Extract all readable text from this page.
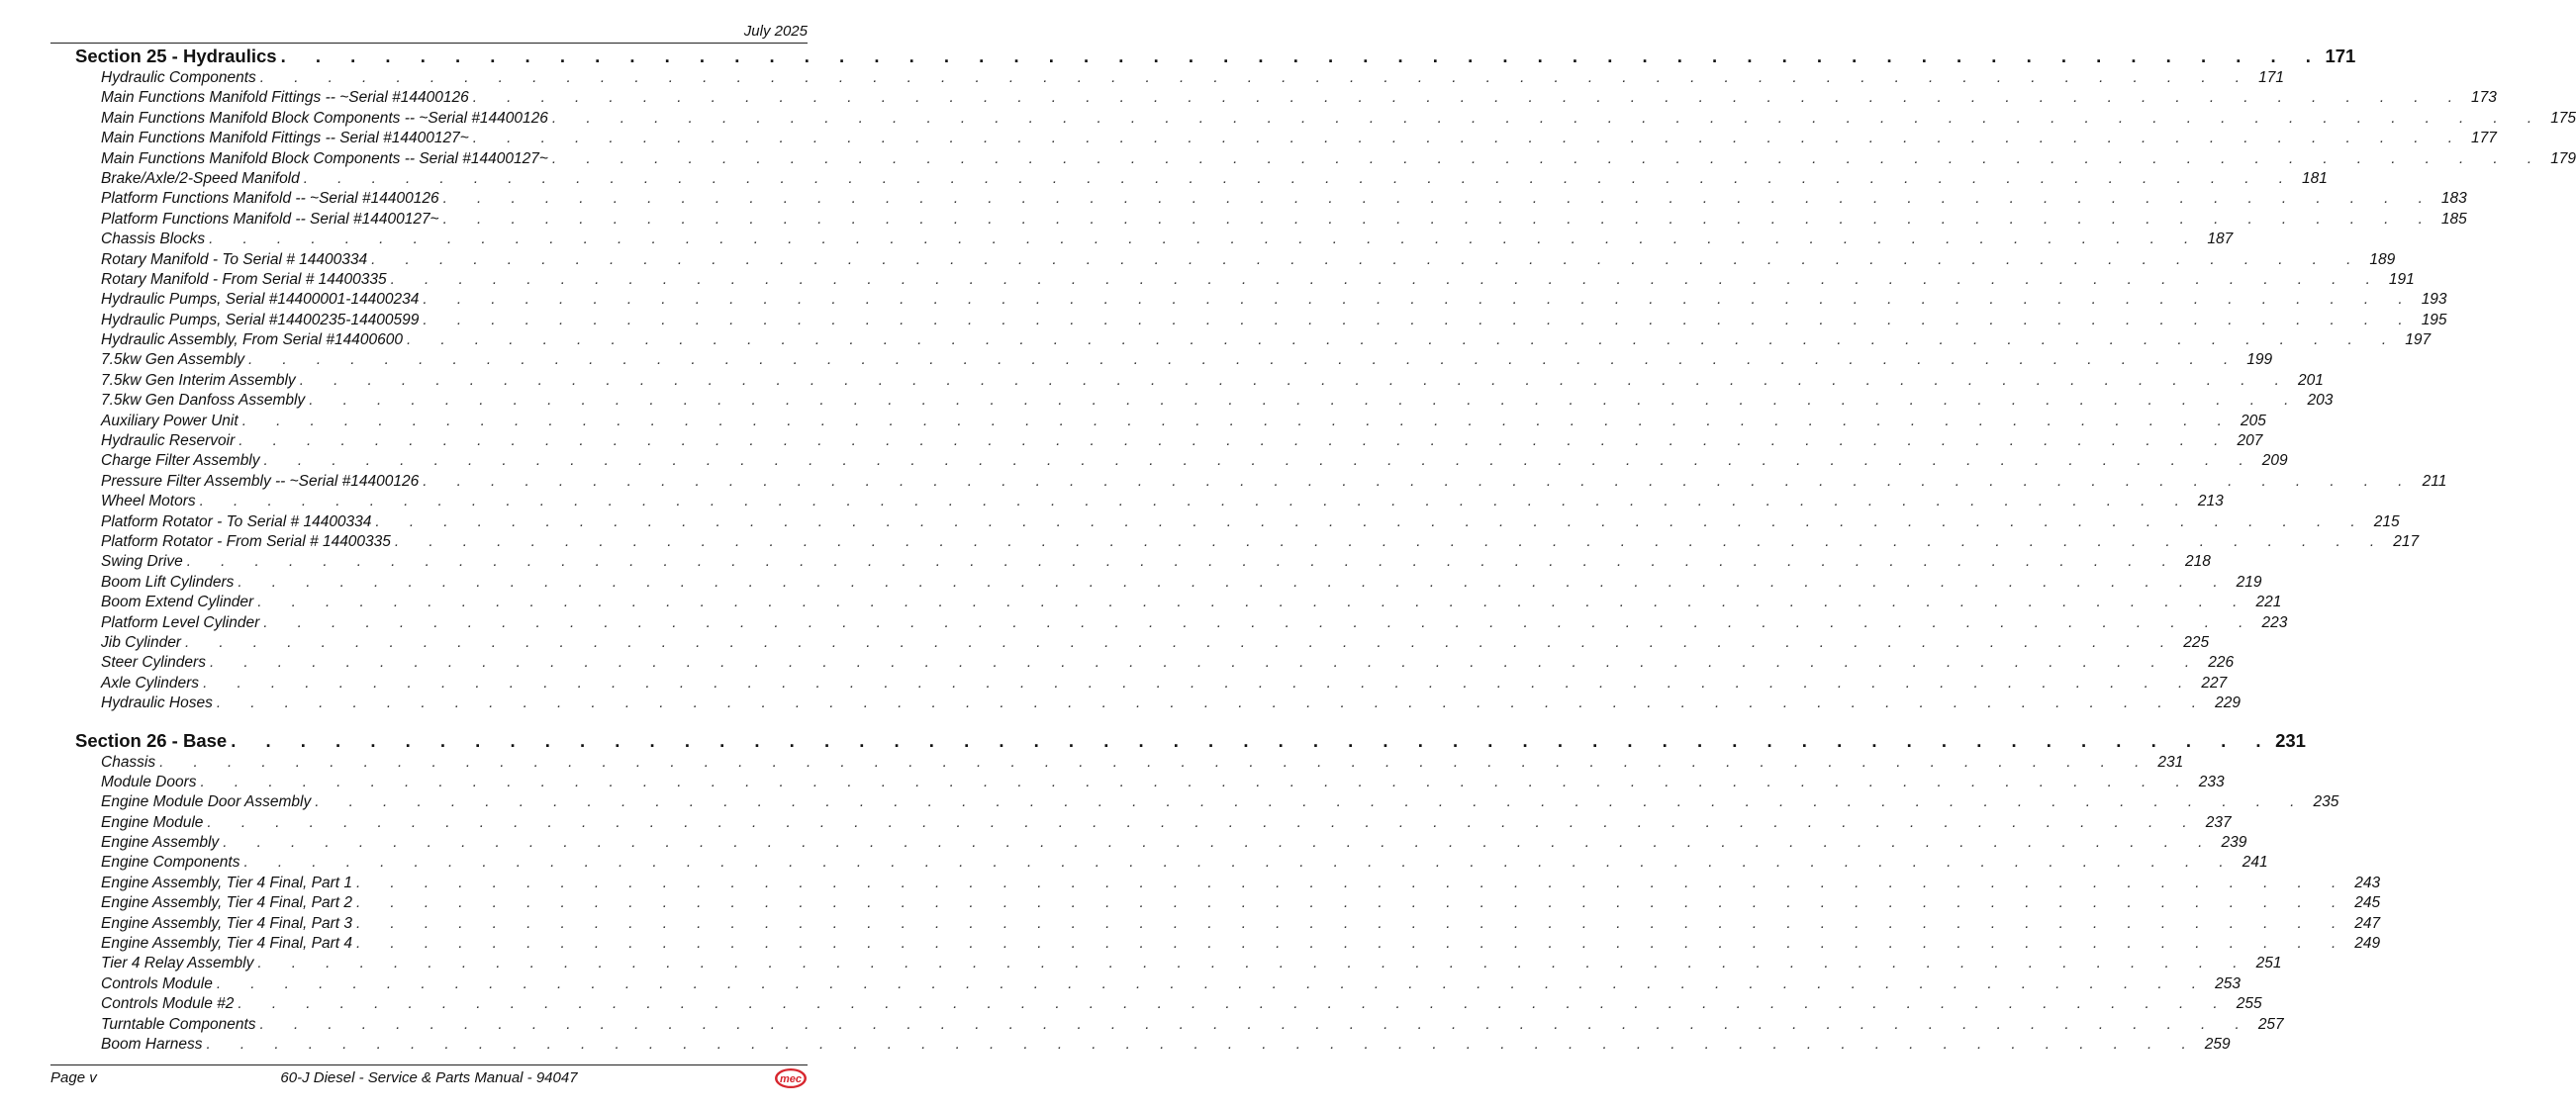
July 2025
Section 25 - Hydraulics . . . . . . . . . . . . . . . . . . . . . . . . . . . . . . . . . . . . . . . . . . . . . . . . . . . . . . . . . . . 171
Hydraulic Components . . . . . . . . . . . . . . . . . . . . . . . . . . . . . . . . . . . . . . . . . . . . . . . . . . . . . . . . . . . 171
Main Functions Manifold Fittings -- ~Serial #14400126 . . . . . . . . . . . . . . . . . . . . . . . . . . . . . . . . . . . . . . . . . . . . . . . . . . . . . . . . . . . 173
Main Functions Manifold Block Components -- ~Serial #14400126 . . . . . . . . . . . . . . . . . . . . . . . . . . . . . . . . . . . . . . . . . . . . . . . . . . . . . . . . . . . 175
Main Functions Manifold Fittings -- Serial #14400127~ . . . . . . . . . . . . . . . . . . . . . . . . . . . . . . . . . . . . . . . . . . . . . . . . . . . . . . . . . . . 177
Main Functions Manifold Block Components -- Serial #14400127~ . . . . . . . . . . . . . . . . . . . . . . . . . . . . . . . . . . . . . . . . . . . . . . . . . . . . . . . . . . . 179
Brake/Axle/2-Speed Manifold . . . . . . . . . . . . . . . . . . . . . . . . . . . . . . . . . . . . . . . . . . . . . . . . . . . . . . . . . . . 181
Platform Functions Manifold -- ~Serial #14400126 . . . . . . . . . . . . . . . . . . . . . . . . . . . . . . . . . . . . . . . . . . . . . . . . . . . . . . . . . . . 183
Platform Functions Manifold -- Serial #14400127~ . . . . . . . . . . . . . . . . . . . . . . . . . . . . . . . . . . . . . . . . . . . . . . . . . . . . . . . . . . . 185
Chassis Blocks . . . . . . . . . . . . . . . . . . . . . . . . . . . . . . . . . . . . . . . . . . . . . . . . . . . . . . . . . . . 187
Rotary Manifold - To Serial # 14400334 . . . . . . . . . . . . . . . . . . . . . . . . . . . . . . . . . . . . . . . . . . . . . . . . . . . . . . . . . . . 189
Rotary Manifold - From Serial # 14400335 . . . . . . . . . . . . . . . . . . . . . . . . . . . . . . . . . . . . . . . . . . . . . . . . . . . . . . . . . . . 191
Hydraulic Pumps, Serial #14400001-14400234 . . . . . . . . . . . . . . . . . . . . . . . . . . . . . . . . . . . . . . . . . . . . . . . . . . . . . . . . . . . 193
Hydraulic Pumps, Serial #14400235-14400599 . . . . . . . . . . . . . . . . . . . . . . . . . . . . . . . . . . . . . . . . . . . . . . . . . . . . . . . . . . . 195
Hydraulic Assembly, From Serial #14400600 . . . . . . . . . . . . . . . . . . . . . . . . . . . . . . . . . . . . . . . . . . . . . . . . . . . . . . . . . . . 197
7.5kw Gen Assembly . . . . . . . . . . . . . . . . . . . . . . . . . . . . . . . . . . . . . . . . . . . . . . . . . . . . . . . . . . . 199
7.5kw Gen Interim Assembly . . . . . . . . . . . . . . . . . . . . . . . . . . . . . . . . . . . . . . . . . . . . . . . . . . . . . . . . . . . 201
7.5kw Gen Danfoss Assembly . . . . . . . . . . . . . . . . . . . . . . . . . . . . . . . . . . . . . . . . . . . . . . . . . . . . . . . . . . . 203
Auxiliary Power Unit . . . . . . . . . . . . . . . . . . . . . . . . . . . . . . . . . . . . . . . . . . . . . . . . . . . . . . . . . . . 205
Hydraulic Reservoir . . . . . . . . . . . . . . . . . . . . . . . . . . . . . . . . . . . . . . . . . . . . . . . . . . . . . . . . . . . 207
Charge Filter Assembly . . . . . . . . . . . . . . . . . . . . . . . . . . . . . . . . . . . . . . . . . . . . . . . . . . . . . . . . . . . 209
Pressure Filter Assembly -- ~Serial #14400126 . . . . . . . . . . . . . . . . . . . . . . . . . . . . . . . . . . . . . . . . . . . . . . . . . . . . . . . . . . . 211
Wheel Motors . . . . . . . . . . . . . . . . . . . . . . . . . . . . . . . . . . . . . . . . . . . . . . . . . . . . . . . . . . . 213
Platform Rotator - To Serial # 14400334 . . . . . . . . . . . . . . . . . . . . . . . . . . . . . . . . . . . . . . . . . . . . . . . . . . . . . . . . . . . 215
Platform Rotator - From Serial # 14400335 . . . . . . . . . . . . . . . . . . . . . . . . . . . . . . . . . . . . . . . . . . . . . . . . . . . . . . . . . . . 217
Swing Drive . . . . . . . . . . . . . . . . . . . . . . . . . . . . . . . . . . . . . . . . . . . . . . . . . . . . . . . . . . . 218
Boom Lift Cylinders . . . . . . . . . . . . . . . . . . . . . . . . . . . . . . . . . . . . . . . . . . . . . . . . . . . . . . . . . . . 219
Boom Extend Cylinder . . . . . . . . . . . . . . . . . . . . . . . . . . . . . . . . . . . . . . . . . . . . . . . . . . . . . . . . . . . 221
Platform Level Cylinder . . . . . . . . . . . . . . . . . . . . . . . . . . . . . . . . . . . . . . . . . . . . . . . . . . . . . . . . . . . 223
Jib Cylinder . . . . . . . . . . . . . . . . . . . . . . . . . . . . . . . . . . . . . . . . . . . . . . . . . . . . . . . . . . . 225
Steer Cylinders . . . . . . . . . . . . . . . . . . . . . . . . . . . . . . . . . . . . . . . . . . . . . . . . . . . . . . . . . . . 226
Axle Cylinders . . . . . . . . . . . . . . . . . . . . . . . . . . . . . . . . . . . . . . . . . . . . . . . . . . . . . . . . . . . 227
Hydraulic Hoses . . . . . . . . . . . . . . . . . . . . . . . . . . . . . . . . . . . . . . . . . . . . . . . . . . . . . . . . . . . 229
Section 26 - Base . . . . . . . . . . . . . . . . . . . . . . . . . . . . . . . . . . . . . . . . . . . . . . . . . . . . . . . . . . . 231
Chassis . . . . . . . . . . . . . . . . . . . . . . . . . . . . . . . . . . . . . . . . . . . . . . . . . . . . . . . . . . . 231
Module Doors . . . . . . . . . . . . . . . . . . . . . . . . . . . . . . . . . . . . . . . . . . . . . . . . . . . . . . . . . . . 233
Engine Module Door Assembly . . . . . . . . . . . . . . . . . . . . . . . . . . . . . . . . . . . . . . . . . . . . . . . . . . . . . . . . . . . 235
Engine Module . . . . . . . . . . . . . . . . . . . . . . . . . . . . . . . . . . . . . . . . . . . . . . . . . . . . . . . . . . . 237
Engine Assembly . . . . . . . . . . . . . . . . . . . . . . . . . . . . . . . . . . . . . . . . . . . . . . . . . . . . . . . . . . . 239
Engine Components . . . . . . . . . . . . . . . . . . . . . . . . . . . . . . . . . . . . . . . . . . . . . . . . . . . . . . . . . . . 241
Engine Assembly, Tier 4 Final, Part 1 . . . . . . . . . . . . . . . . . . . . . . . . . . . . . . . . . . . . . . . . . . . . . . . . . . . . . . . . . . . 243
Engine Assembly, Tier 4 Final, Part 2 . . . . . . . . . . . . . . . . . . . . . . . . . . . . . . . . . . . . . . . . . . . . . . . . . . . . . . . . . . . 245
Engine Assembly, Tier 4 Final, Part 3 . . . . . . . . . . . . . . . . . . . . . . . . . . . . . . . . . . . . . . . . . . . . . . . . . . . . . . . . . . . 247
Engine Assembly, Tier 4 Final, Part 4 . . . . . . . . . . . . . . . . . . . . . . . . . . . . . . . . . . . . . . . . . . . . . . . . . . . . . . . . . . . 249
Tier 4 Relay Assembly . . . . . . . . . . . . . . . . . . . . . . . . . . . . . . . . . . . . . . . . . . . . . . . . . . . . . . . . . . . 251
Controls Module . . . . . . . . . . . . . . . . . . . . . . . . . . . . . . . . . . . . . . . . . . . . . . . . . . . . . . . . . . . 253
Controls Module #2 . . . . . . . . . . . . . . . . . . . . . . . . . . . . . . . . . . . . . . . . . . . . . . . . . . . . . . . . . . . 255
Turntable Components . . . . . . . . . . . . . . . . . . . . . . . . . . . . . . . . . . . . . . . . . . . . . . . . . . . . . . . . . . . 257
Boom Harness . . . . . . . . . . . . . . . . . . . . . . . . . . . . . . . . . . . . . . . . . . . . . . . . . . . . . . . . . . . 259
Page v	60-J Diesel - Service & Parts Manual - 94047	mec
